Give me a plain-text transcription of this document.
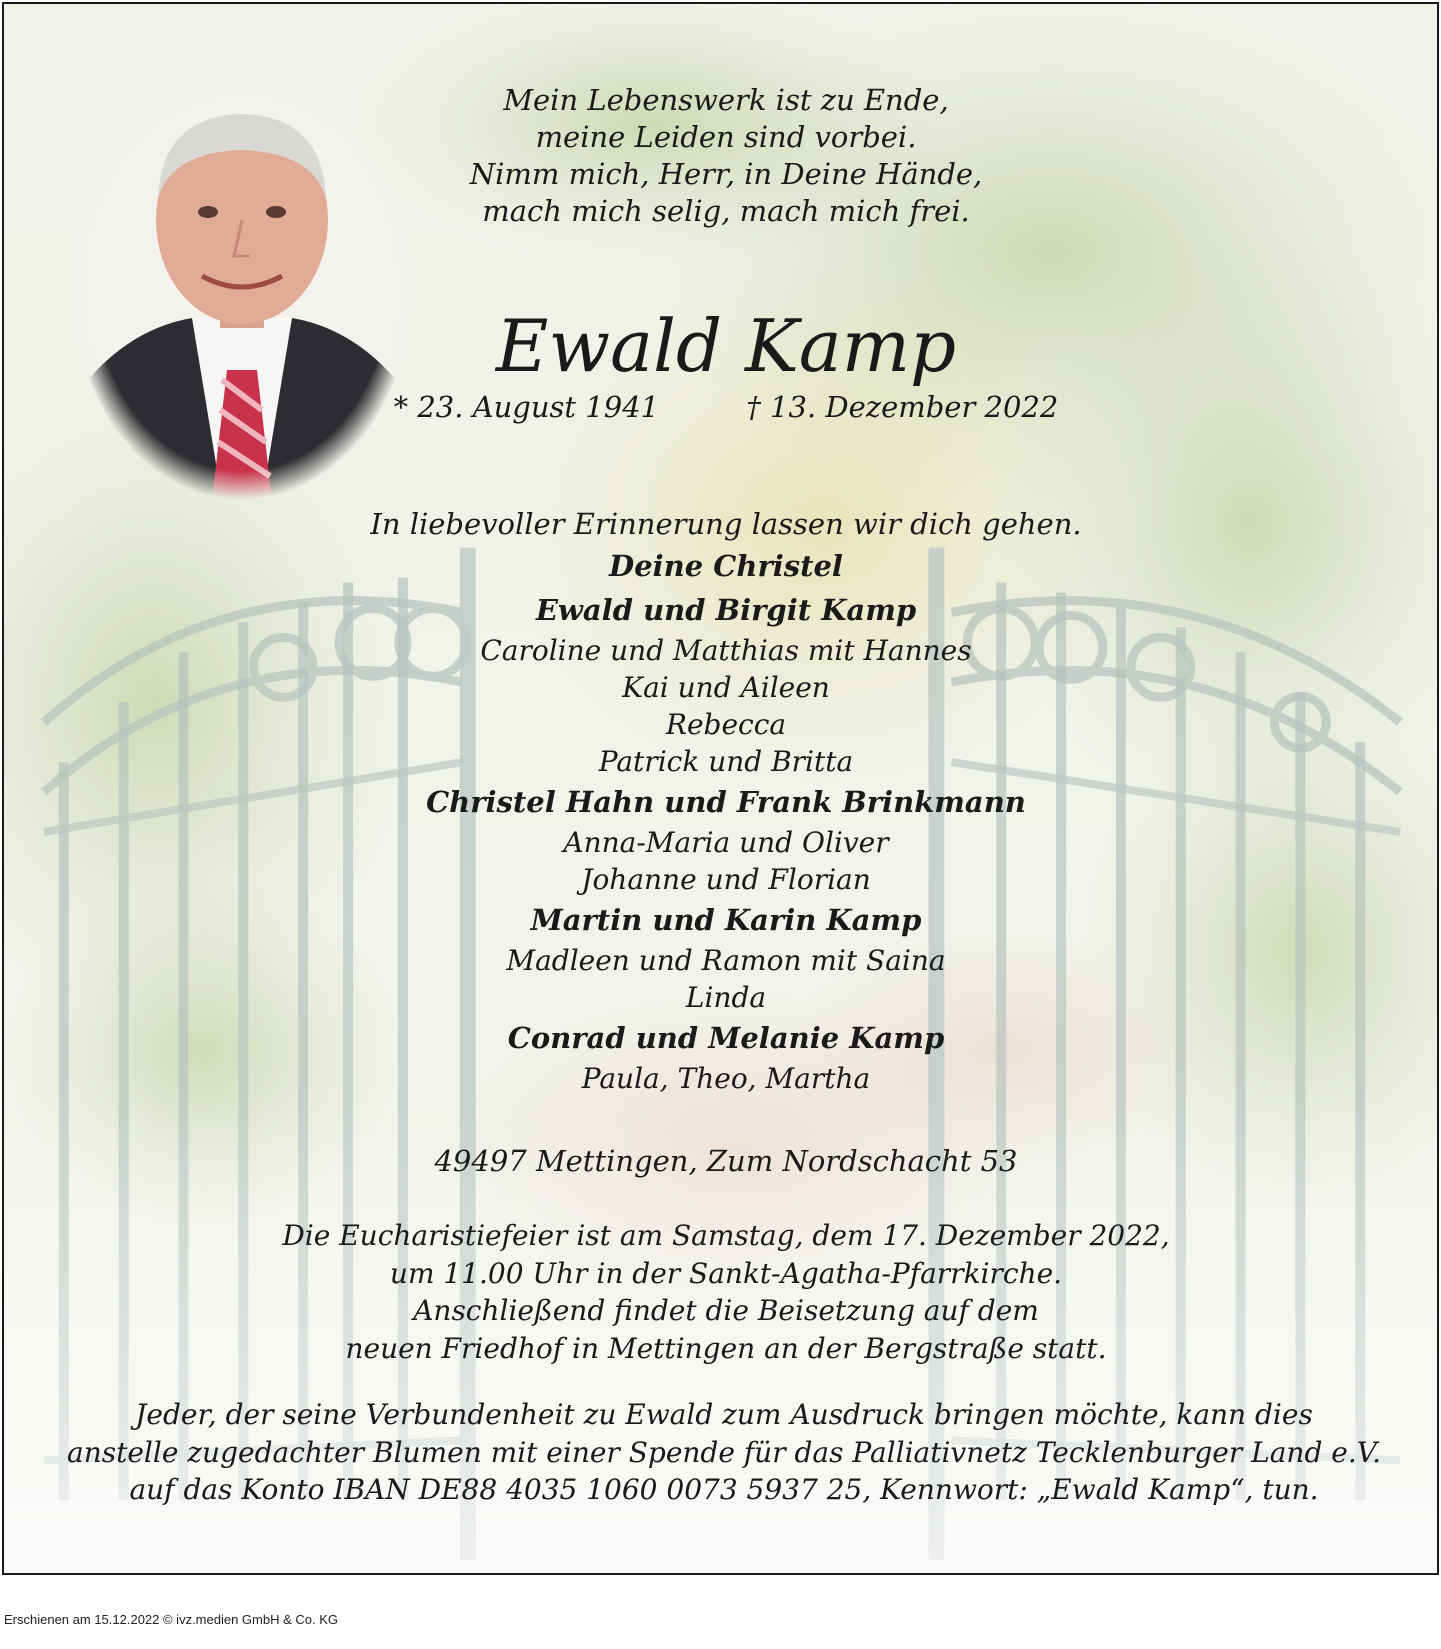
Mein Lebenswerk ist zu Ende,
meine Leiden sind vorbei.
Nimm mich, Herr, in Deine Hände,
mach mich selig, mach mich frei.
Ewald Kamp
* 23. August 1941	† 13. Dezember 2022
In liebevoller Erinnerung lassen wir dich gehen.
Deine Christel
Ewald und Birgit Kamp
Caroline und Matthias mit Hannes
Kai und Aileen
Rebecca
Patrick und Britta
Christel Hahn und Frank Brinkmann
Anna-Maria und Oliver
Johanne und Florian
Martin und Karin Kamp
Madleen und Ramon mit Saina
Linda
Conrad und Melanie Kamp
Paula, Theo, Martha
49497 Mettingen, Zum Nordschacht 53
Die Eucharistiefeier ist am Samstag, dem 17. Dezember 2022,
um 11.00 Uhr in der Sankt-Agatha-Pfarrkirche.
Anschließend findet die Beisetzung auf dem
neuen Friedhof in Mettingen an der Bergstraße statt.
Jeder, der seine Verbundenheit zu Ewald zum Ausdruck bringen möchte, kann dies
anstelle zugedachter Blumen mit einer Spende für das Palliativnetz Tecklenburger Land e.V.
auf das Konto IBAN DE88 4035 1060 0073 5937 25, Kennwort: „Ewald Kamp“, tun.
Erschienen am 15.12.2022 © ivz.medien GmbH & Co. KG
